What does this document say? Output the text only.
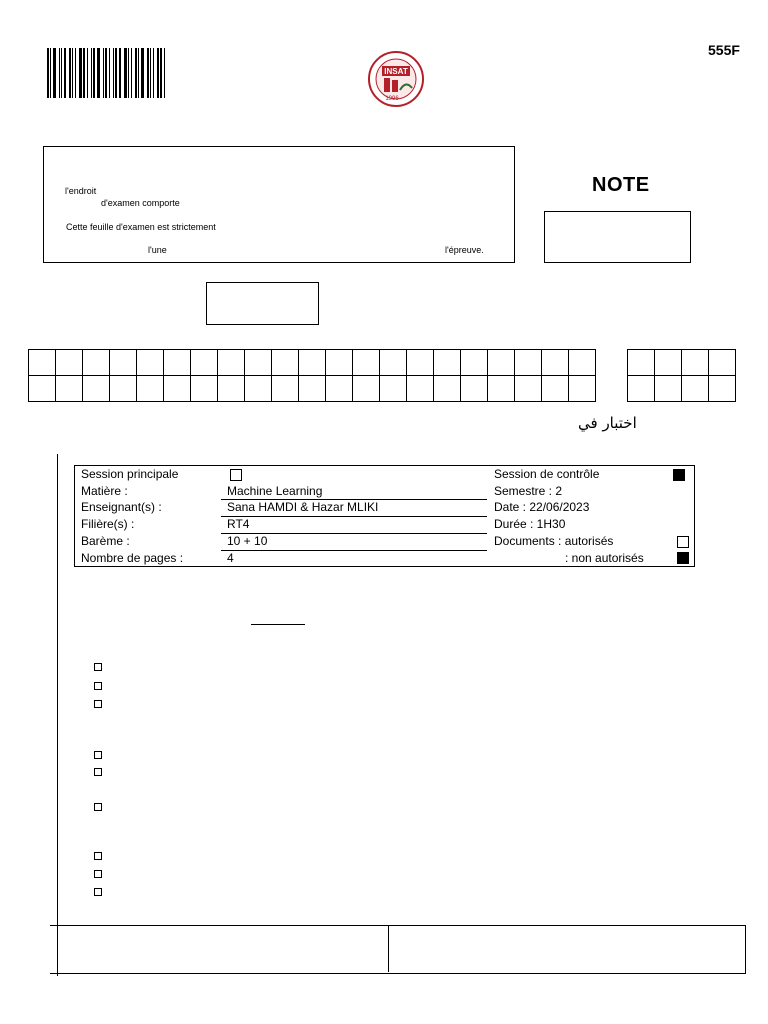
555F
INSAT
1996
l'endroit
d'examen comporte
Cette feuille d'examen est strictement
l'une	l'épreuve.
NOTE

اختبار في
Session principale	Session de contrôle
Matière :	Machine Learning	Semestre : 2
Enseignant(s) :	Sana HAMDI & Hazar MLIKI	Date : 22/06/2023
Filière(s) :	RT4	Durée : 1H30
Barème :	10 + 10	Documents : autorisés
Nombre de pages :	4	: non autorisés
